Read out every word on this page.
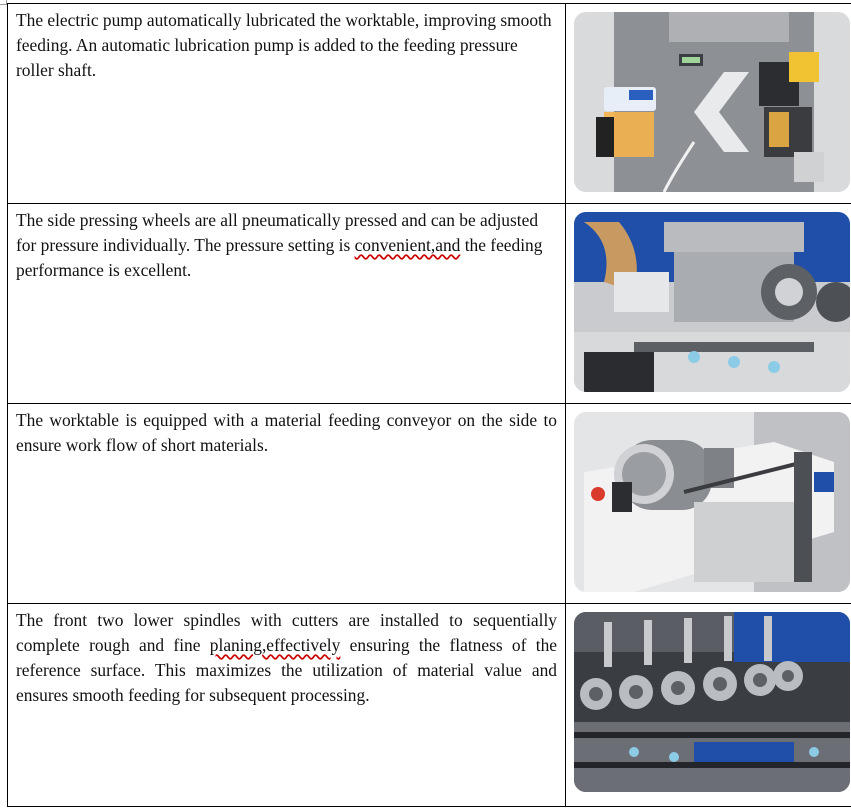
The electric pump automatically lubricated the worktable, improving smooth feeding. An automatic lubrication pump is added to the feeding pressure roller shaft.	

The side pressing wheels are all pneumatically pressed and can be adjusted for pressure individually. The pressure setting is convenient,and the feeding performance is excellent.	

The worktable is equipped with a material feeding conveyor on the side to ensure work flow of short materials.	

The front two lower spindles with cutters are installed to sequentially complete rough and fine planing,effectively ensuring the flatness of the reference surface. This maximizes the utilization of material value and ensures smooth feeding for subsequent processing.	
